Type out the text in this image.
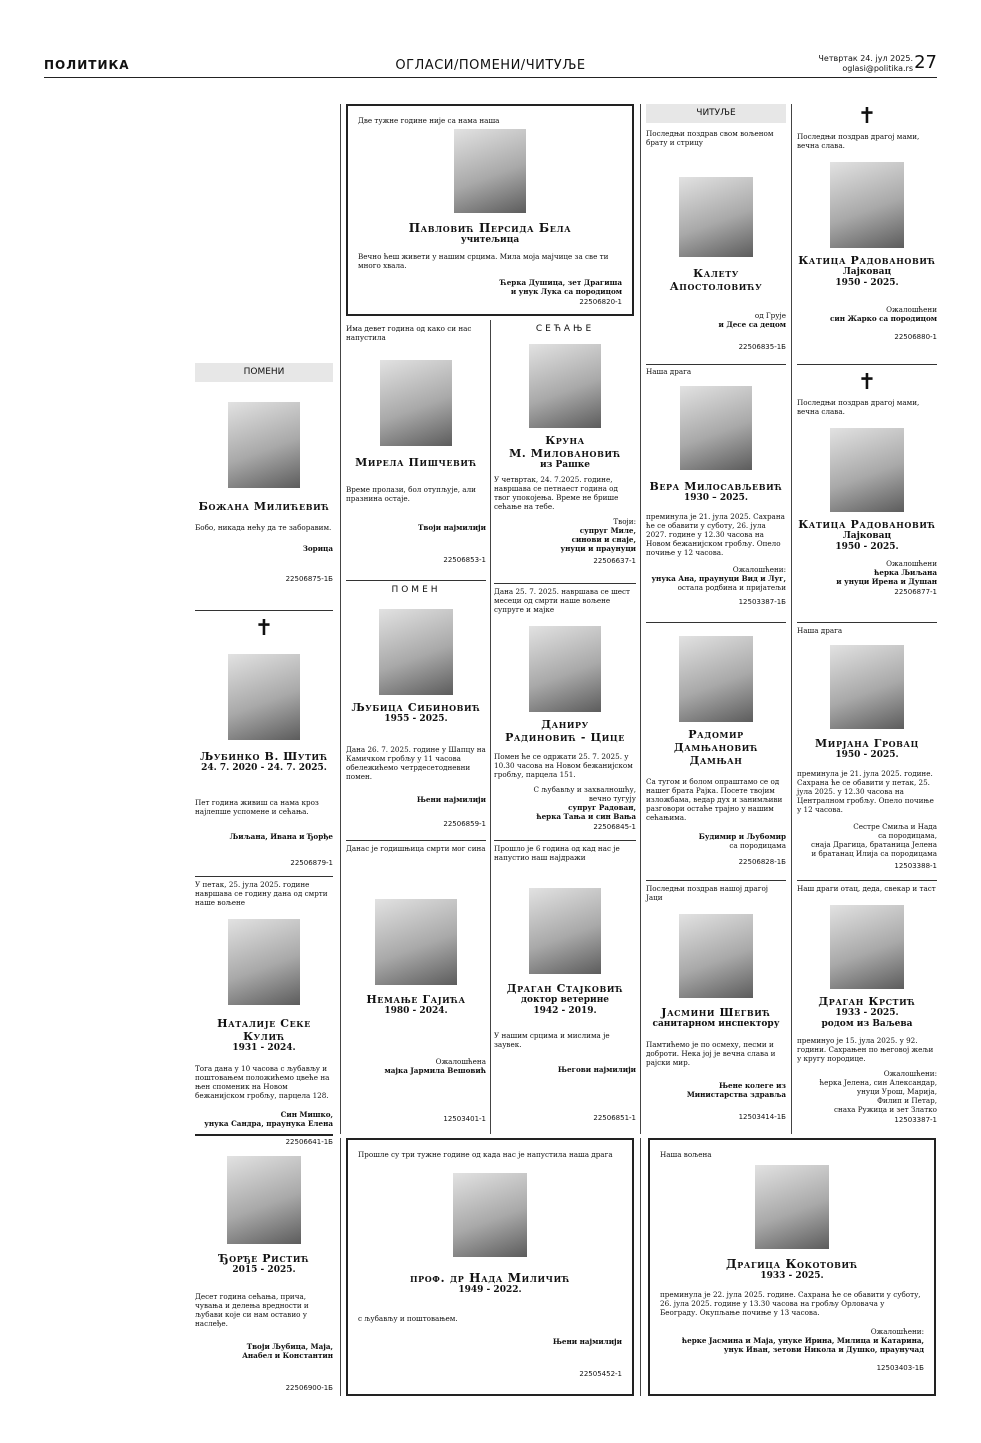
ПОЛИТИКА	ОГЛАСИ/ПОМЕНИ/ЧИТУЉЕ	Четвртак 24. јул 2025.
oglasi@politika.rs 27
ПОМЕНИ
Божана Милићевић
Бобо, никада нећу да те заборавим.
Зорица
22506875-1Б
✝
Љубинко В. Шутић
24. 7. 2020 - 24. 7. 2025.
Пет година живиш са нама кроз најлепше успомене и сећања.
Љиљана, Ивана и Ђорђе
22506879-1
У петак, 25. јула 2025. године навршава се годину дана од смрти наше вољене
Наталије Секе Кулић
1931 - 2024.
Тога дана у 10 часова с љубављу и поштовањем положићемо цвеће на њен споменик на Новом бежанијском гробљу, парцела 128.
Син Мишко,
унука Сандра, праунука Елена
22506641-1Б
Ђорђе Ристић
2015 - 2025.
Десет година сећања, прича, чувања и делења вредности и љубави које си нам оставио у наслеђе.
Твоји Љубица, Маја,
Анабел и Константин
22506900-1Б
Две тужне године није са нама наша
Павловић Персида Бела
учитељица
Вечно ћеш живети у нашим срцима. Мила моја мајчице за све ти много хвала.
Ћерка Душица, зет Драгиша
и унук Лука са породицом
22506820-1
Има девет година од како си нас напустила
Мирела Пишчевић
Време пролази, бол отупљује, али празнина остаје.
Твоји најмилији
22506853-1
ПОМЕН
Љубица Сибиновић
1955 - 2025.
Дана 26. 7. 2025. године у Шапцу на Камичком гробљу у 11 часова обележићемо четрдесетодневни помен.
Њени најмилији
22506859-1
Данас је годишњица смрти мог сина
Немање Гајића
1980 - 2024.
Ожалошћена
мајка Јармила Вешовић
12503401-1
СЕЋАЊЕ
Круна
М. Миловановић
из Рашке
У четвртак, 24. 7.2025. године, навршава се петнаест година од твог упокојења. Време не брише сећање на тебе.
Твоји:
супруг Миле,
синови и снаје,
унуци и праунуци
22506637-1
Дана 25. 7. 2025. навршава се шест месеци од смрти наше вољене супруге и мајке
Даниру
Радиновић - Цице
Помен ће се одржати 25. 7. 2025. у 10.30 часова на Новом бежанијском гробљу, парцела 151.
С љубављу и захвалношћу,
вечно тугују
супруг Радован,
ћерка Тања и син Вања
22506845-1
Прошло је 6 година од кад нас је напустио наш најдражи
Драган Стајковић
доктор ветерине
1942 - 2019.
У нашим срцима и мислима је заувек.
Његови најмилији
22506851-1
ЧИТУЉЕ
Последњи поздрав свом вољеном брату и стрицу
Калету Апостоловићу
од Грује
и Десе са децом
22506835-1Б
Наша драга
Вера Милосављевић
1930 – 2025.
преминула је 21. јула 2025. Сахрана ће се обавити у суботу, 26. јула 2027. године у 12.30 часова на Новом бежанијском гробљу. Опело почиње у 12 часова.
Ожалошћени:
унука Ана, праунуци Вид и Луг,
остала родбина и пријатељи
12503387-1Б
Радомир
Дамњановић
Дамњан
Са тугом и болом опраштамо се од нашег брата Рајка. Посете твојим изложбама, ведар дух и занимљиви разговори остаће трајно у нашим сећањима.
Будимир и Љубомир
са породицама
22506828-1Б
Последњи поздрав нашој драгој Јаци
Јасмини Шегвић
санитарном инспектору
Памтићемо је по осмеху, песми и доброти. Нека јој је вечна слава и рајски мир.
Њене колеге из
Министарства здравља
12503414-1Б
✝
Последњи поздрав драгој мами, вечна слава.
Катица Радовановић
Лајковац
1950 - 2025.
Ожалошћени
син Жарко са породицом
22506880-1
✝
Последњи поздрав драгој мами, вечна слава.
Катица Радовановић
Лајковац
1950 - 2025.
Ожалошћени
ћерка Љиљана
и унуци Ирена и Душан
22506877-1
Наша драга
Мирјана Гровац
1950 - 2025.
преминула је 21. јула 2025. године. Сахрана ће се обавити у петак, 25. јула 2025. у 12.30 часова на Централном гробљу. Опело почиње у 12 часова.
Сестре Смиља и Нада
са породицама,
снаја Драгица, братаница Јелена
и братанац Илија са породицама
12503388-1
Наш драги отац, деда, свекар и таст
Драган Крстић
1933 - 2025.
родом из Ваљева
преминуо је 15. јула 2025. у 92. години. Сахрањен по његовој жељи у кругу породице.
Ожалошћени:
ћерка Јелена, син Александар,
унуци Урош, Марија,
Филип и Петар,
снаха Ружица и зет Златко
12503387-1
Прошле су три тужне године од када нас је напустила наша драга
проф. др Нада Миличић
1949 - 2022.
с љубављу и поштовањем.
Њени најмилији
22505452-1
Наша вољена
Драгица Кокотовић
1933 - 2025.
преминула је 22. јула 2025. године. Сахрана ће се обавити у суботу, 26. јула 2025. године у 13.30 часова на гробљу Орловача у Београду. Окупљање почиње у 13 часова.
Ожалошћени:
ћерке Јасмина и Маја, унуке Ирина, Милица и Катарина,
унук Иван, зетови Никола и Душко, праунучад
12503403-1Б
